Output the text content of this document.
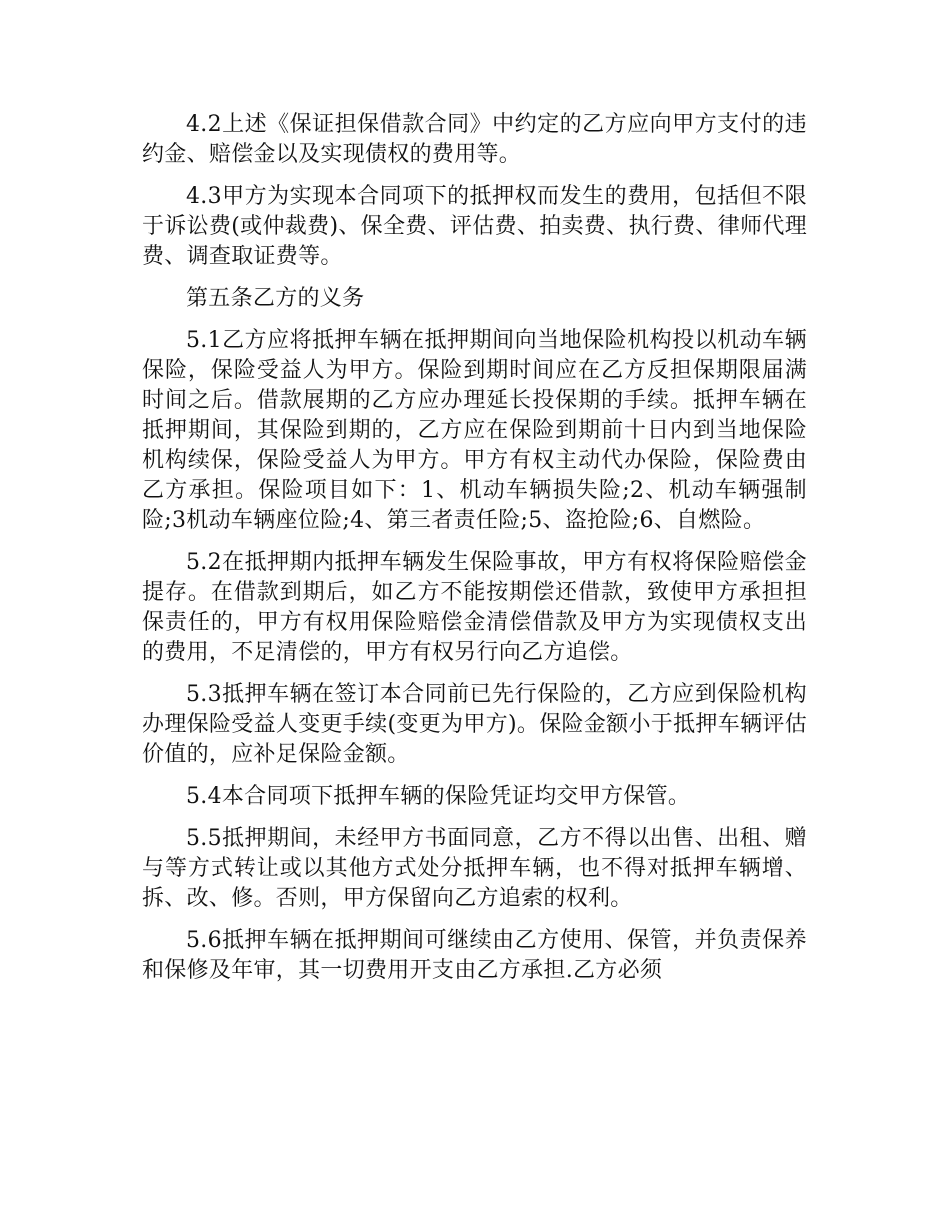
4.2上述《保证担保借款合同》中约定的乙方应向甲方支付的违约金、赔偿金以及实现债权的费用等。

4.3甲方为实现本合同项下的抵押权而发生的费用，包括但不限于诉讼费(或仲裁费)、保全费、评估费、拍卖费、执行费、律师代理费、调查取证费等。

第五条乙方的义务

5.1乙方应将抵押车辆在抵押期间向当地保险机构投以机动车辆保险，保险受益人为甲方。保险到期时间应在乙方反担保期限届满时间之后。借款展期的乙方应办理延长投保期的手续。抵押车辆在抵押期间，其保险到期的，乙方应在保险到期前十日内到当地保险机构续保，保险受益人为甲方。甲方有权主动代办保险，保险费由乙方承担。保险项目如下：1、机动车辆损失险;2、机动车辆强制险;3机动车辆座位险;4、第三者责任险;5、盗抢险;6、自燃险。

5.2在抵押期内抵押车辆发生保险事故，甲方有权将保险赔偿金提存。在借款到期后，如乙方不能按期偿还借款，致使甲方承担担保责任的，甲方有权用保险赔偿金清偿借款及甲方为实现债权支出的费用，不足清偿的，甲方有权另行向乙方追偿。

5.3抵押车辆在签订本合同前已先行保险的，乙方应到保险机构办理保险受益人变更手续(变更为甲方)。保险金额小于抵押车辆评估价值的，应补足保险金额。

5.4本合同项下抵押车辆的保险凭证均交甲方保管。

5.5抵押期间，未经甲方书面同意，乙方不得以出售、出租、赠与等方式转让或以其他方式处分抵押车辆，也不得对抵押车辆增、拆、改、修。否则，甲方保留向乙方追索的权利。

5.6抵押车辆在抵押期间可继续由乙方使用、保管，并负责保养和保修及年审，其一切费用开支由乙方承担.乙方必须
